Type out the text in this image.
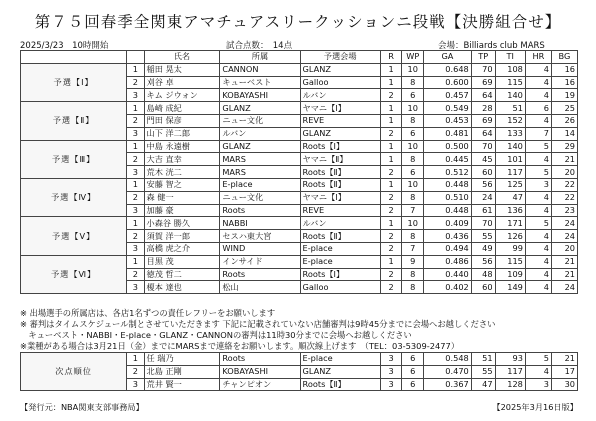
第７５回春季全関東アマチュアスリークッションニ段戦【決勝組合せ】
2025/3/23　10時開始	試合点数：　14点	会場：Billiards club MARS
		氏名	所属	予選会場	R	WP	GA	TP	TI	HR	BG
予選【Ⅰ】	1	稲田 晃太	CANNON	GLANZ	1	10	0.648	70	108	4	16
	2	刈谷 卓	キューベスト	Galloo	1	8	0.600	69	115	4	16
	3	キム ジウォン	KOBAYASHI	ルバン	2	6	0.457	64	140	4	19
予選【Ⅱ】	1	島崎 成紀	GLANZ	ヤマニ【Ⅰ】	1	10	0.549	28	51	6	25
	2	門田 保彦	ニュー文化	REVE	1	8	0.453	69	152	4	26
	3	山下 洋二郎	ルバン	GLANZ	2	6	0.481	64	133	7	14
予選【Ⅲ】	1	中島 永遠樹	GLANZ	Roots【Ⅰ】	1	10	0.500	70	140	5	29
	2	大吉 直幸	MARS	ヤマニ【Ⅱ】	1	8	0.445	45	101	4	21
	3	荒木 洸二	MARS	Roots【Ⅱ】	2	6	0.512	60	117	5	20
予選【Ⅳ】	1	安藤 智之	E-place	Roots【Ⅱ】	1	10	0.448	56	125	3	22
	2	森 健一	ニュー文化	ヤマニ【Ⅰ】	2	8	0.510	24	47	4	22
	3	加藤 豪	Roots	REVE	2	7	0.448	61	136	4	23
予選【Ⅴ】	1	小森谷 勝久	NABBI	ルバン	1	10	0.409	70	171	5	24
	2	須賀 洋一郎	セスハ東大宮	Roots【Ⅱ】	2	8	0.436	55	126	4	24
	3	高橋 虎之介	WIND	E-place	2	7	0.494	49	99	4	20
予選【Ⅵ】	1	目黒 茂	インサイド	E-place	1	9	0.486	56	115	4	21
	2	徳茂 哲二	Roots	Roots【Ⅰ】	2	8	0.440	48	109	4	21
	3	榎本 達也	松山	Galloo	2	8	0.402	60	149	4	24
※ 出場選手の所属店は、各店1名ずつの責任レフリーをお願いします
※ 審判はタイムスケジュール制とさせていただきます 下記に記載されていない店舗審判は9時45分までに会場へお越しください
　キューベスト・NABBI・E-place・GLANZ・CANNONの審判は11時30分までに会場へお越しください
※業種がある場合は3月21日（金）までにMARSまで連絡をお願いします。順次線上げます　（TEL：03-5309-2477）
次点順位	1	任 瑞乃	Roots	E-place	3	6	0.548	51	93	5	21
	2	北島 正剛	KOBAYASHI	GLANZ	3	6	0.470	55	117	4	17
	3	荒井 賢一	チャンピオン	Roots【Ⅱ】	3	6	0.367	47	128	3	30
【発行元：NBA関東支部事務局】	【2025年3月16日版】
